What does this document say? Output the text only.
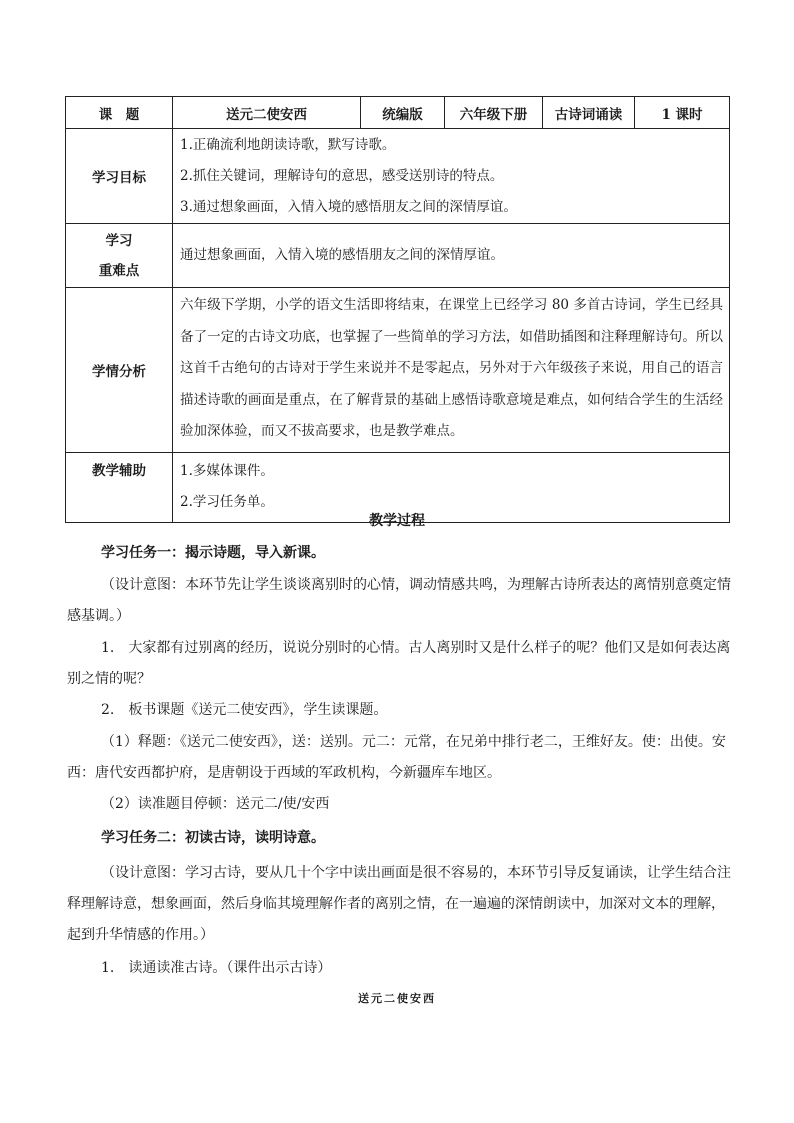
课　题	送元二使安西	统编版	六年级下册	古诗词诵读	1 课时
学习目标	1.正确流利地朗读诗歌，默写诗歌。
2.抓住关键词，理解诗句的意思，感受送别诗的特点。
3.通过想象画面，入情入境的感悟朋友之间的深情厚谊。				

学习
重难点	通过想象画面，入情入境的感悟朋友之间的深情厚谊。				
学情分析	六年级下学期，小学的语文生活即将结束，在课堂上已经学习 80 多首古诗词，学生已经具备了一定的古诗文功底，也掌握了一些简单的学习方法，如借助插图和注释理解诗句。所以这首千古绝句的古诗对于学生来说并不是零起点，另外对于六年级孩子来说，用自己的语言描述诗歌的画面是重点，在了解背景的基础上感悟诗歌意境是难点，如何结合学生的生活经验加深体验，而又不拔高要求，也是教学难点。				
教学辅助	1.多媒体课件。
2.学习任务单。				
教学过程
学习任务一：揭示诗题，导入新课。
（设计意图：本环节先让学生谈谈离别时的心情，调动情感共鸣，为理解古诗所表达的离情别意奠定情感基调。）
1.　大家都有过别离的经历，说说分别时的心情。古人离别时又是什么样子的呢？他们又是如何表达离别之情的呢？
2.　板书课题《送元二使安西》，学生读课题。
（1）释题：《送元二使安西》，送：送别。元二：元常，在兄弟中排行老二，王维好友。使：出使。安西：唐代安西都护府，是唐朝设于西域的军政机构，今新疆库车地区。
（2）读准题目停顿：送元二/使/安西
学习任务二：初读古诗，读明诗意。
（设计意图：学习古诗，要从几十个字中读出画面是很不容易的，本环节引导反复诵读，让学生结合注释理解诗意，想象画面，然后身临其境理解作者的离别之情，在一遍遍的深情朗读中，加深对文本的理解，起到升华情感的作用。）
1.　读通读准古诗。（课件出示古诗）
送元二使安西
